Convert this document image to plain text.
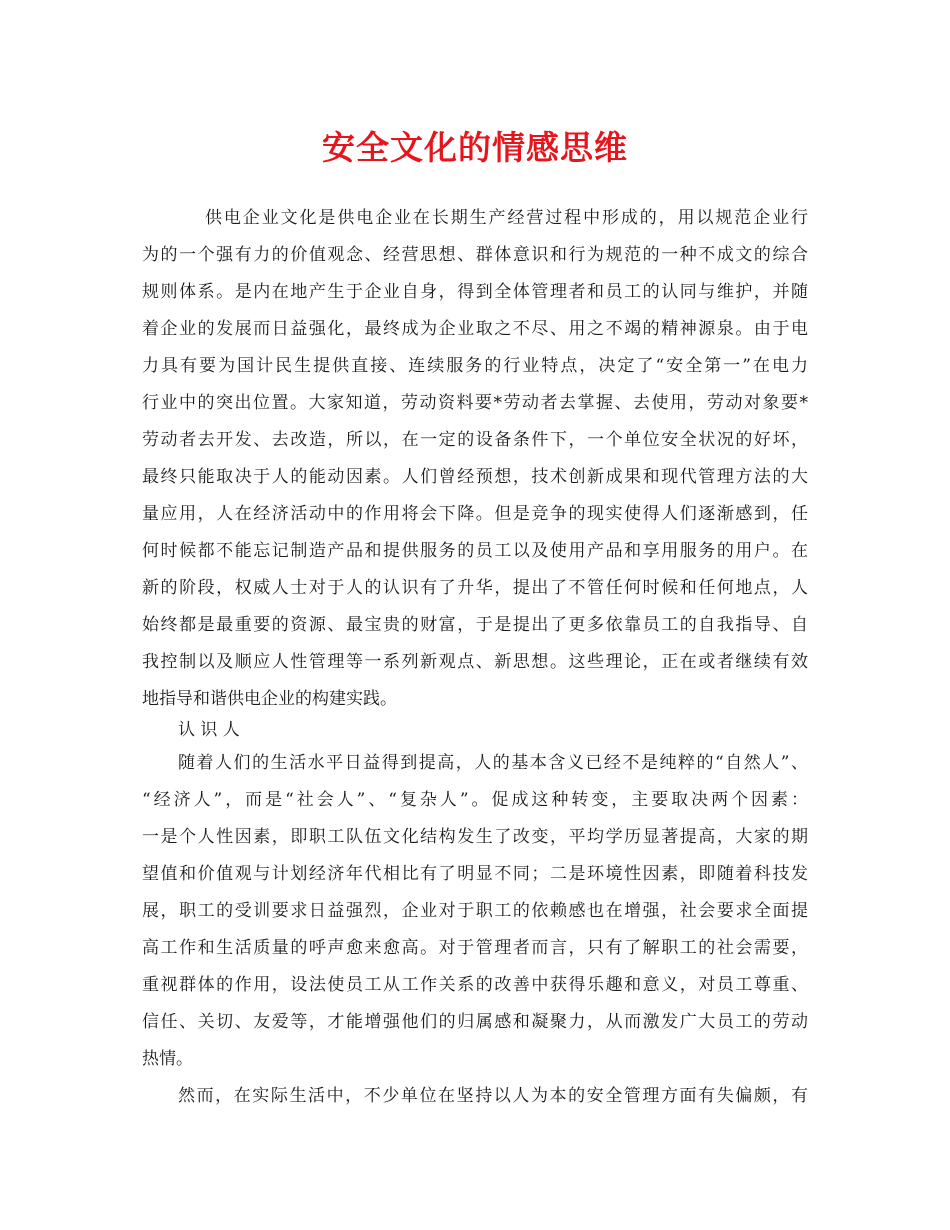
安全文化的情感思维
供电企业文化是供电企业在长期生产经营过程中形成的，用以规范企业行
为的一个强有力的价值观念、经营思想、群体意识和行为规范的一种不成文的综合
规则体系。是内在地产生于企业自身，得到全体管理者和员工的认同与维护，并随
着企业的发展而日益强化，最终成为企业取之不尽、用之不竭的精神源泉。由于电
力具有要为国计民生提供直接、连续服务的行业特点，决定了“安全第一”在电力
行业中的突出位置。大家知道，劳动资料要*劳动者去掌握、去使用，劳动对象要*
劳动者去开发、去改造，所以，在一定的设备条件下，一个单位安全状况的好坏，
最终只能取决于人的能动因素。人们曾经预想，技术创新成果和现代管理方法的大
量应用，人在经济活动中的作用将会下降。但是竞争的现实使得人们逐渐感到，任
何时候都不能忘记制造产品和提供服务的员工以及使用产品和享用服务的用户。在
新的阶段，权威人士对于人的认识有了升华，提出了不管任何时候和任何地点，人
始终都是最重要的资源、最宝贵的财富，于是提出了更多依靠员工的自我指导、自
我控制以及顺应人性管理等一系列新观点、新思想。这些理论，正在或者继续有效
地指导和谐供电企业的构建实践。
认 识 人
随着人们的生活水平日益得到提高，人的基本含义已经不是纯粹的“自然人”、
“经济人”，而是“社会人”、“复杂人”。促成这种转变，主要取决两个因素：
一是个人性因素，即职工队伍文化结构发生了改变，平均学历显著提高，大家的期
望值和价值观与计划经济年代相比有了明显不同；二是环境性因素，即随着科技发
展，职工的受训要求日益强烈，企业对于职工的依赖感也在增强，社会要求全面提
高工作和生活质量的呼声愈来愈高。对于管理者而言，只有了解职工的社会需要，
重视群体的作用，设法使员工从工作关系的改善中获得乐趣和意义，对员工尊重、
信任、关切、友爱等，才能增强他们的归属感和凝聚力，从而激发广大员工的劳动
热情。
然而，在实际生活中，不少单位在坚持以人为本的安全管理方面有失偏颇，有
